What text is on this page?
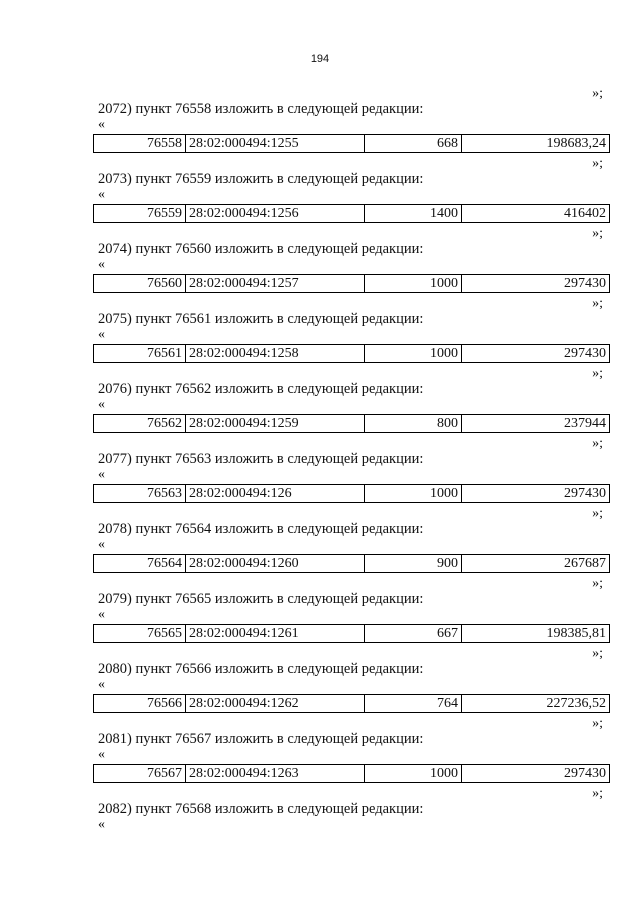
194
»;
2072) пункт 76558 изложить в следующей редакции:
«
76558	28:02:000494:1255	668	198683,24
»;
2073) пункт 76559 изложить в следующей редакции:
«
76559	28:02:000494:1256	1400	416402
»;
2074) пункт 76560 изложить в следующей редакции:
«
76560	28:02:000494:1257	1000	297430
»;
2075) пункт 76561 изложить в следующей редакции:
«
76561	28:02:000494:1258	1000	297430
»;
2076) пункт 76562 изложить в следующей редакции:
«
76562	28:02:000494:1259	800	237944
»;
2077) пункт 76563 изложить в следующей редакции:
«
76563	28:02:000494:126	1000	297430
»;
2078) пункт 76564 изложить в следующей редакции:
«
76564	28:02:000494:1260	900	267687
»;
2079) пункт 76565 изложить в следующей редакции:
«
76565	28:02:000494:1261	667	198385,81
»;
2080) пункт 76566 изложить в следующей редакции:
«
76566	28:02:000494:1262	764	227236,52
»;
2081) пункт 76567 изложить в следующей редакции:
«
76567	28:02:000494:1263	1000	297430
»;
2082) пункт 76568 изложить в следующей редакции:
«
